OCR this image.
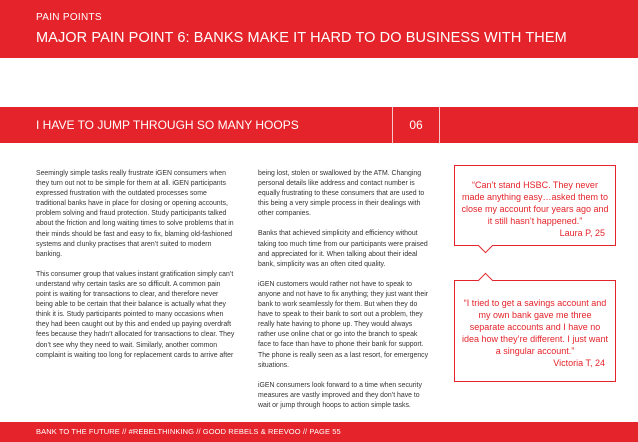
PAIN POINTS
MAJOR PAIN POINT 6: BANKS MAKE IT HARD TO DO BUSINESS WITH THEM
I HAVE TO JUMP THROUGH SO MANY HOOPS	06

Seemingly simple tasks really frustrate iGEN consumers when they turn out not to be simple for them at all. iGEN participants expressed frustration with the outdated processes some traditional banks have in place for closing or opening accounts, problem solving and fraud protection. Study participants talked about the friction and long waiting times to solve problems that in their minds should be fast and easy to fix, blaming old-fashioned systems and clunky practises that aren’t suited to modern banking.

This consumer group that values instant gratification simply can’t understand why certain tasks are so difficult. A common pain point is waiting for transactions to clear, and therefore never being able to be certain that their balance is actually what they think it is. Study participants pointed to many occasions when they had been caught out by this and ended up paying overdraft fees because they hadn’t allocated for transactions to clear. They don’t see why they need to wait. Similarly, another common complaint is waiting too long for replacement cards to arrive after

being lost, stolen or swallowed by the ATM. Changing personal details like address and contact number is equally frustrating to these consumers that are used to this being a very simple process in their dealings with other companies.

Banks that achieved simplicity and efficiency without taking too much time from our participants were praised and appreciated for it. When talking about their ideal bank, simplicity was an often cited quality.

iGEN customers would rather not have to speak to anyone and not have to fix anything; they just want their bank to work seamlessly for them. But when they do have to speak to their bank to sort out a problem, they really hate having to phone up. They would always rather use online chat or go into the branch to speak face to face than have to phone their bank for support. The phone is really seen as a last resort, for emergency situations.

iGEN consumers look forward to a time when security measures are vastly improved and they don’t have to wait or jump through hoops to action simple tasks.

“Can’t stand HSBC. They never made anything easy…asked them to close my account four years ago and it still hasn’t happened.”
Laura P, 25
“I tried to get a savings account and my own bank gave me three separate accounts and I have no idea how they’re different. I just want a singular account.”
Victoria T, 24
BANK TO THE FUTURE // #REBELTHINKING // GOOD REBELS & REEVOO // PAGE 55
